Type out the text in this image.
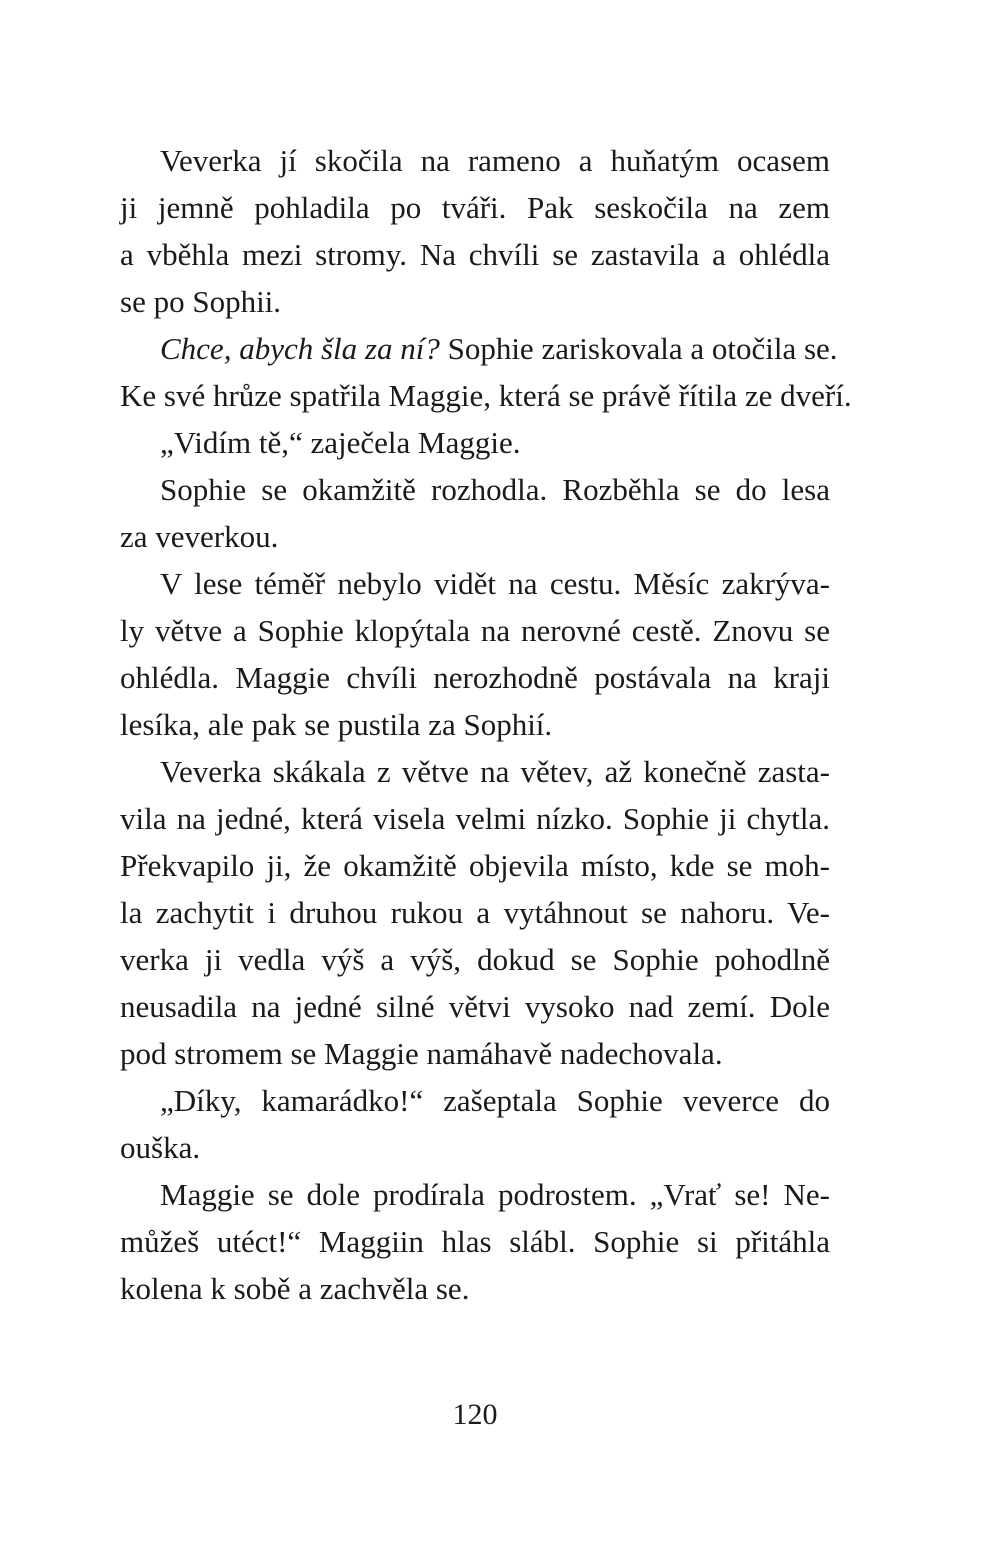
Veverka jí skočila na rameno a huňatým ocasem
ji jemně pohladila po tváři. Pak seskočila na zem
a vběhla mezi stromy. Na chvíli se zastavila a ohlédla
se po Sophii.
Chce, abych šla za ní? Sophie zariskovala a otočila se.
Ke své hrůze spatřila Maggie, která se právě řítila ze dveří.
„Vidím tě,“ zaječela Maggie.
Sophie se okamžitě rozhodla. Rozběhla se do lesa
za veverkou.
V lese téměř nebylo vidět na cestu. Měsíc zakrýva-
ly větve a Sophie klopýtala na nerovné cestě. Znovu se
ohlédla. Maggie chvíli nerozhodně postávala na kraji
lesíka, ale pak se pustila za Sophií.
Veverka skákala z větve na větev, až konečně zasta-
vila na jedné, která visela velmi nízko. Sophie ji chytla.
Překvapilo ji, že okamžitě objevila místo, kde se moh-
la zachytit i druhou rukou a vytáhnout se nahoru. Ve-
verka ji vedla výš a výš, dokud se Sophie pohodlně
neusadila na jedné silné větvi vysoko nad zemí. Dole
pod stromem se Maggie namáhavě nadechovala.
„Díky, kamarádko!“ zašeptala Sophie veverce do
ouška.
Maggie se dole prodírala podrostem. „Vrať se! Ne-
můžeš utéct!“ Maggiin hlas slábl. Sophie si přitáhla
kolena k sobě a zachvěla se.
120
